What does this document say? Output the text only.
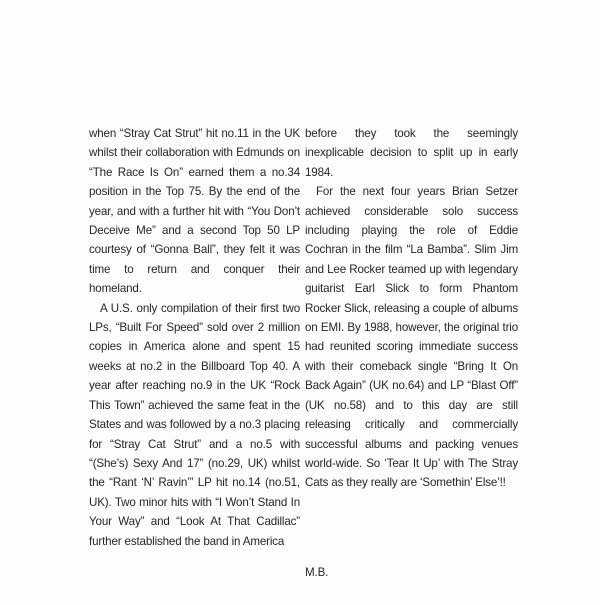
when “Stray Cat Strut” hit no.11 in the UK whilst their collaboration with Edmunds on “The Race Is On” earned them a no.34 position in the Top 75. By the end of the year, and with a further hit with “You Don’t Deceive Me” and a second Top 50 LP courtesy of “Gonna Ball”, they felt it was time to return and conquer their homeland.

A U.S. only compilation of their first two LPs, “Built For Speed” sold over 2 million copies in America alone and spent 15 weeks at no.2 in the Billboard Top 40. A year after reaching no.9 in the UK “Rock This Town” achieved the same feat in the States and was followed by a no.3 placing for “Stray Cat Strut” and a no.5 with “(She’s) Sexy And 17” (no.29, UK) whilst the “Rant ‘N’ Ravin’” LP hit no.14 (no.51, UK). Two minor hits with “I Won’t Stand In Your Way” and “Look At That Cadillac” further established the band in America

before they took the seemingly inexplicable decision to split up in early 1984.

For the next four years Brian Setzer achieved considerable solo success including playing the role of Eddie Cochran in the film “La Bamba”. Slim Jim and Lee Rocker teamed up with legendary guitarist Earl Slick to form Phantom Rocker Slick, releasing a couple of albums on EMI. By 1988, however, the original trio had reunited scoring immediate success with their comeback single “Bring It On Back Again” (UK no.64) and LP “Blast Off” (UK no.58) and to this day are still releasing critically and commercially successful albums and packing venues world-wide. So ‘Tear It Up’ with The Stray Cats as they really are ‘Somethin’ Else’!!

M.B.
